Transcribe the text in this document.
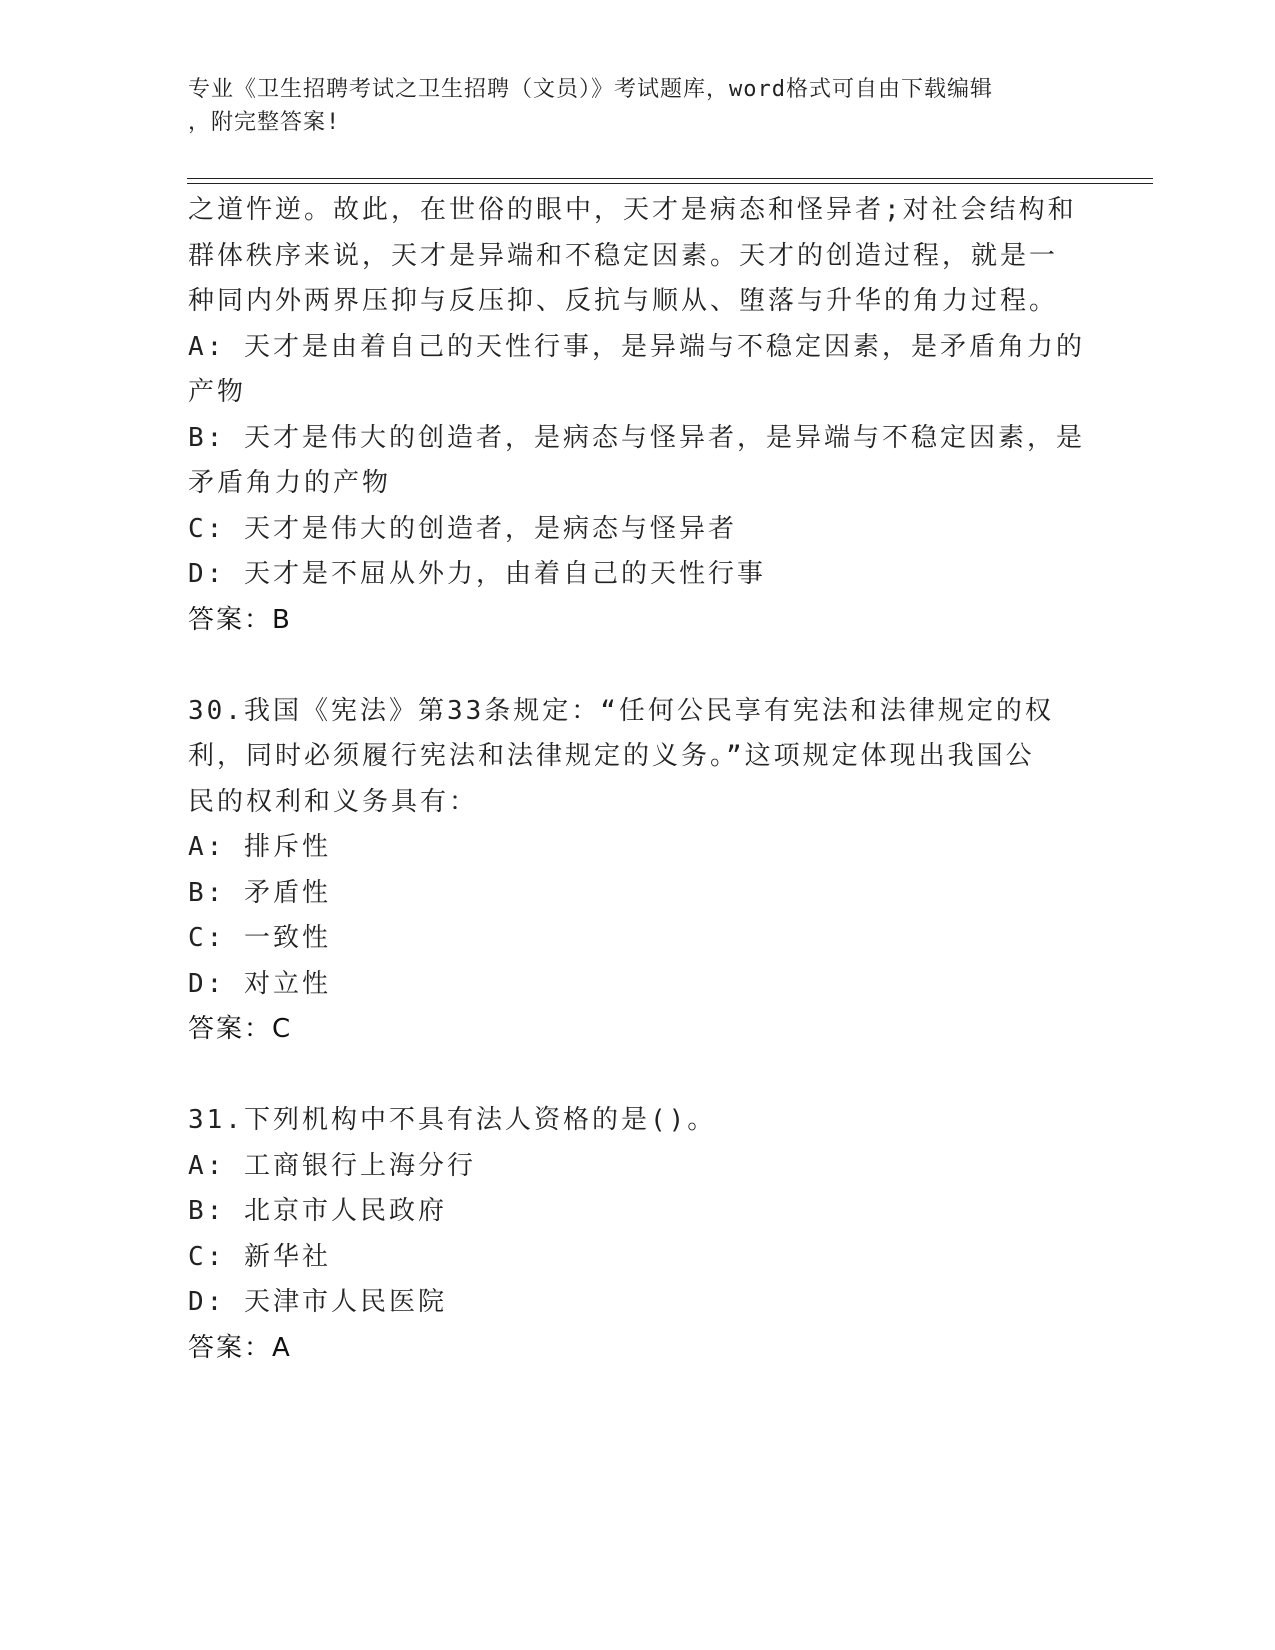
专业《卫生招聘考试之卫生招聘（文员）》考试题库，word格式可自由下载编辑
，附完整答案!
之道忤逆。故此，在世俗的眼中，天才是病态和怪异者;对社会结构和
群体秩序来说，天才是异端和不稳定因素。天才的创造过程，就是一
种同内外两界压抑与反压抑、反抗与顺从、堕落与升华的角力过程。
A: 天才是由着自己的天性行事，是异端与不稳定因素，是矛盾角力的
产物
B: 天才是伟大的创造者，是病态与怪异者，是异端与不稳定因素，是
矛盾角力的产物
C: 天才是伟大的创造者，是病态与怪异者
D: 天才是不屈从外力，由着自己的天性行事
答案：B
30.我国《宪法》第33条规定：“任何公民享有宪法和法律规定的权
利，同时必须履行宪法和法律规定的义务。”这项规定体现出我国公
民的权利和义务具有：
A: 排斥性
B: 矛盾性
C: 一致性
D: 对立性
答案：C
31.下列机构中不具有法人资格的是()。
A: 工商银行上海分行
B: 北京市人民政府
C: 新华社
D: 天津市人民医院
答案：A
